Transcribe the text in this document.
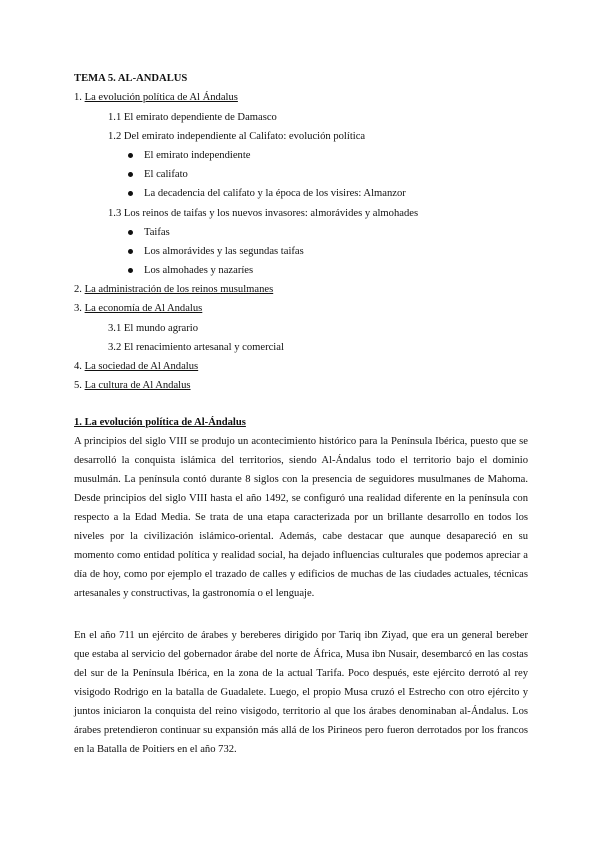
TEMA 5. AL-ANDALUS
1. La evolución política de Al Ándalus
1.1 El emirato dependiente de Damasco
1.2 Del emirato independiente al Califato: evolución política
El emirato independiente
El califato
La decadencia del califato y la época de los visires: Almanzor
1.3 Los reinos de taifas y los nuevos invasores: almorávides y almohades
Taifas
Los almorávides y las segundas taifas
Los almohades y nazaríes
2. La administración de los reinos musulmanes
3. La economía de Al Andalus
3.1 El mundo agrario
3.2 El renacimiento artesanal y comercial
4. La sociedad de Al Andalus
5. La cultura de Al Andalus
1. La evolución política de Al-Ándalus

A principios del siglo VIII se produjo un acontecimiento histórico para la Península Ibérica, puesto que se desarrolló la conquista islámica del territorios, siendo Al-Ándalus todo el territorio bajo el dominio musulmán. La península contó durante 8 siglos con la presencia de seguidores musulmanes de Mahoma. Desde principios del siglo VIII hasta el año 1492, se configuró una realidad diferente en la península con respecto a la Edad Media. Se trata de una etapa caracterizada por un brillante desarrollo en todos los niveles por la civilización islámico-oriental. Además, cabe destacar que aunque desapareció en su momento como entidad política y realidad social, ha dejado influencias culturales que podemos apreciar a día de hoy, como por ejemplo el trazado de calles y edificios de muchas de las ciudades actuales, técnicas artesanales y constructivas, la gastronomía o el lenguaje.

En el año 711 un ejército de árabes y bereberes dirigido por Tariq ibn Ziyad, que era un general bereber que estaba al servicio del gobernador árabe del norte de África, Musa ibn Nusair, desembarcó en las costas del sur de la Península Ibérica, en la zona de la actual Tarifa. Poco después, este ejército derrotó al rey visigodo Rodrigo en la batalla de Guadalete. Luego, el propio Musa cruzó el Estrecho con otro ejército y juntos iniciaron la conquista del reino visigodo, territorio al que los árabes denominaban al-Ándalus. Los árabes pretendieron continuar su expansión más allá de los Pirineos pero fueron derrotados por los francos en la Batalla de Poitiers en el año 732.
